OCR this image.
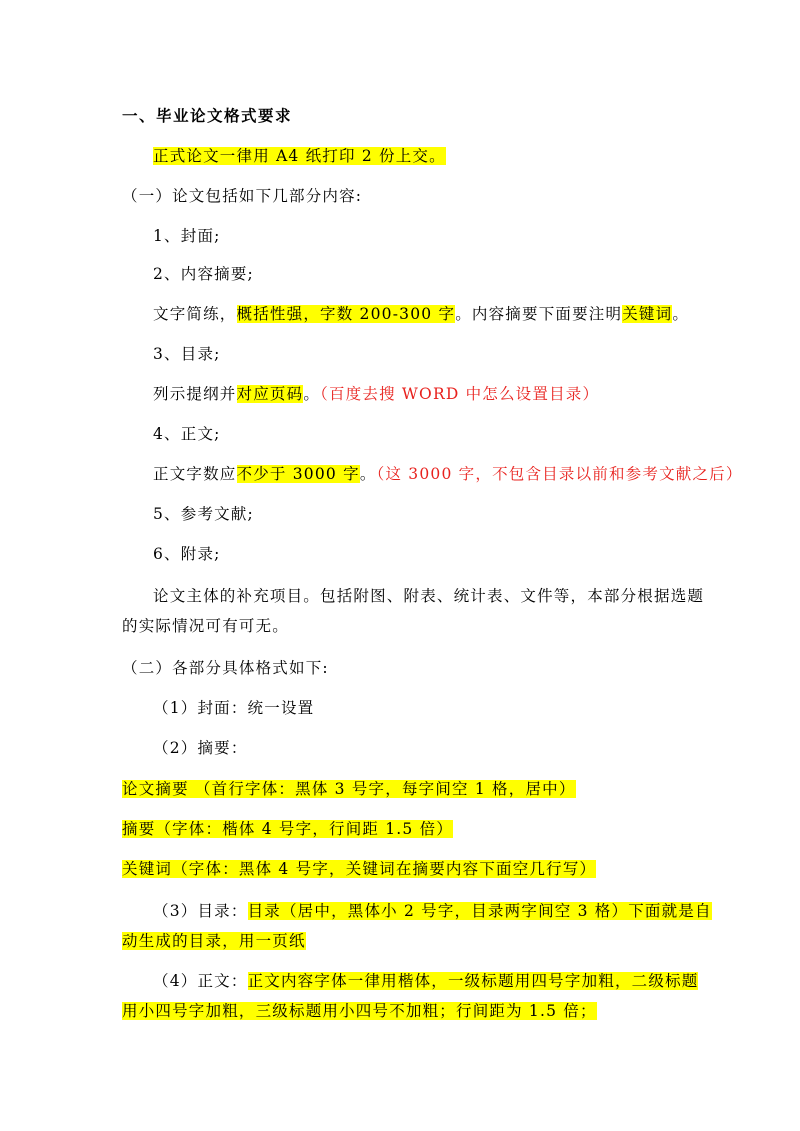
一、毕业论文格式要求
正式论文一律用 A4 纸打印 2 份上交。
（一）论文包括如下几部分内容:
1、封面;
2、内容摘要;
文字简练，概括性强，字数 200-300 字。内容摘要下面要注明关键词。
3、目录;
列示提纲并对应页码。（百度去搜 WORD 中怎么设置目录）
4、正文;
正文字数应不少于 3000 字。（这 3000 字，不包含目录以前和参考文献之后）
5、参考文献;
6、附录;
论文主体的补充项目。包括附图、附表、统计表、文件等，本部分根据选题
的实际情况可有可无。
（二）各部分具体格式如下:
（1）封面：统一设置
（2）摘要：
论文摘要 （首行字体：黑体 3 号字，每字间空 1 格，居中）
摘要（字体：楷体 4 号字，行间距 1.5 倍）
关键词（字体：黑体 4 号字，关键词在摘要内容下面空几行写）
（3）目录：目录（居中，黑体小 2 号字，目录两字间空 3 格）下面就是自
动生成的目录，用一页纸
（4）正文：正文内容字体一律用楷体，一级标题用四号字加粗，二级标题
用小四号字加粗，三级标题用小四号不加粗；行间距为 1.5 倍；
